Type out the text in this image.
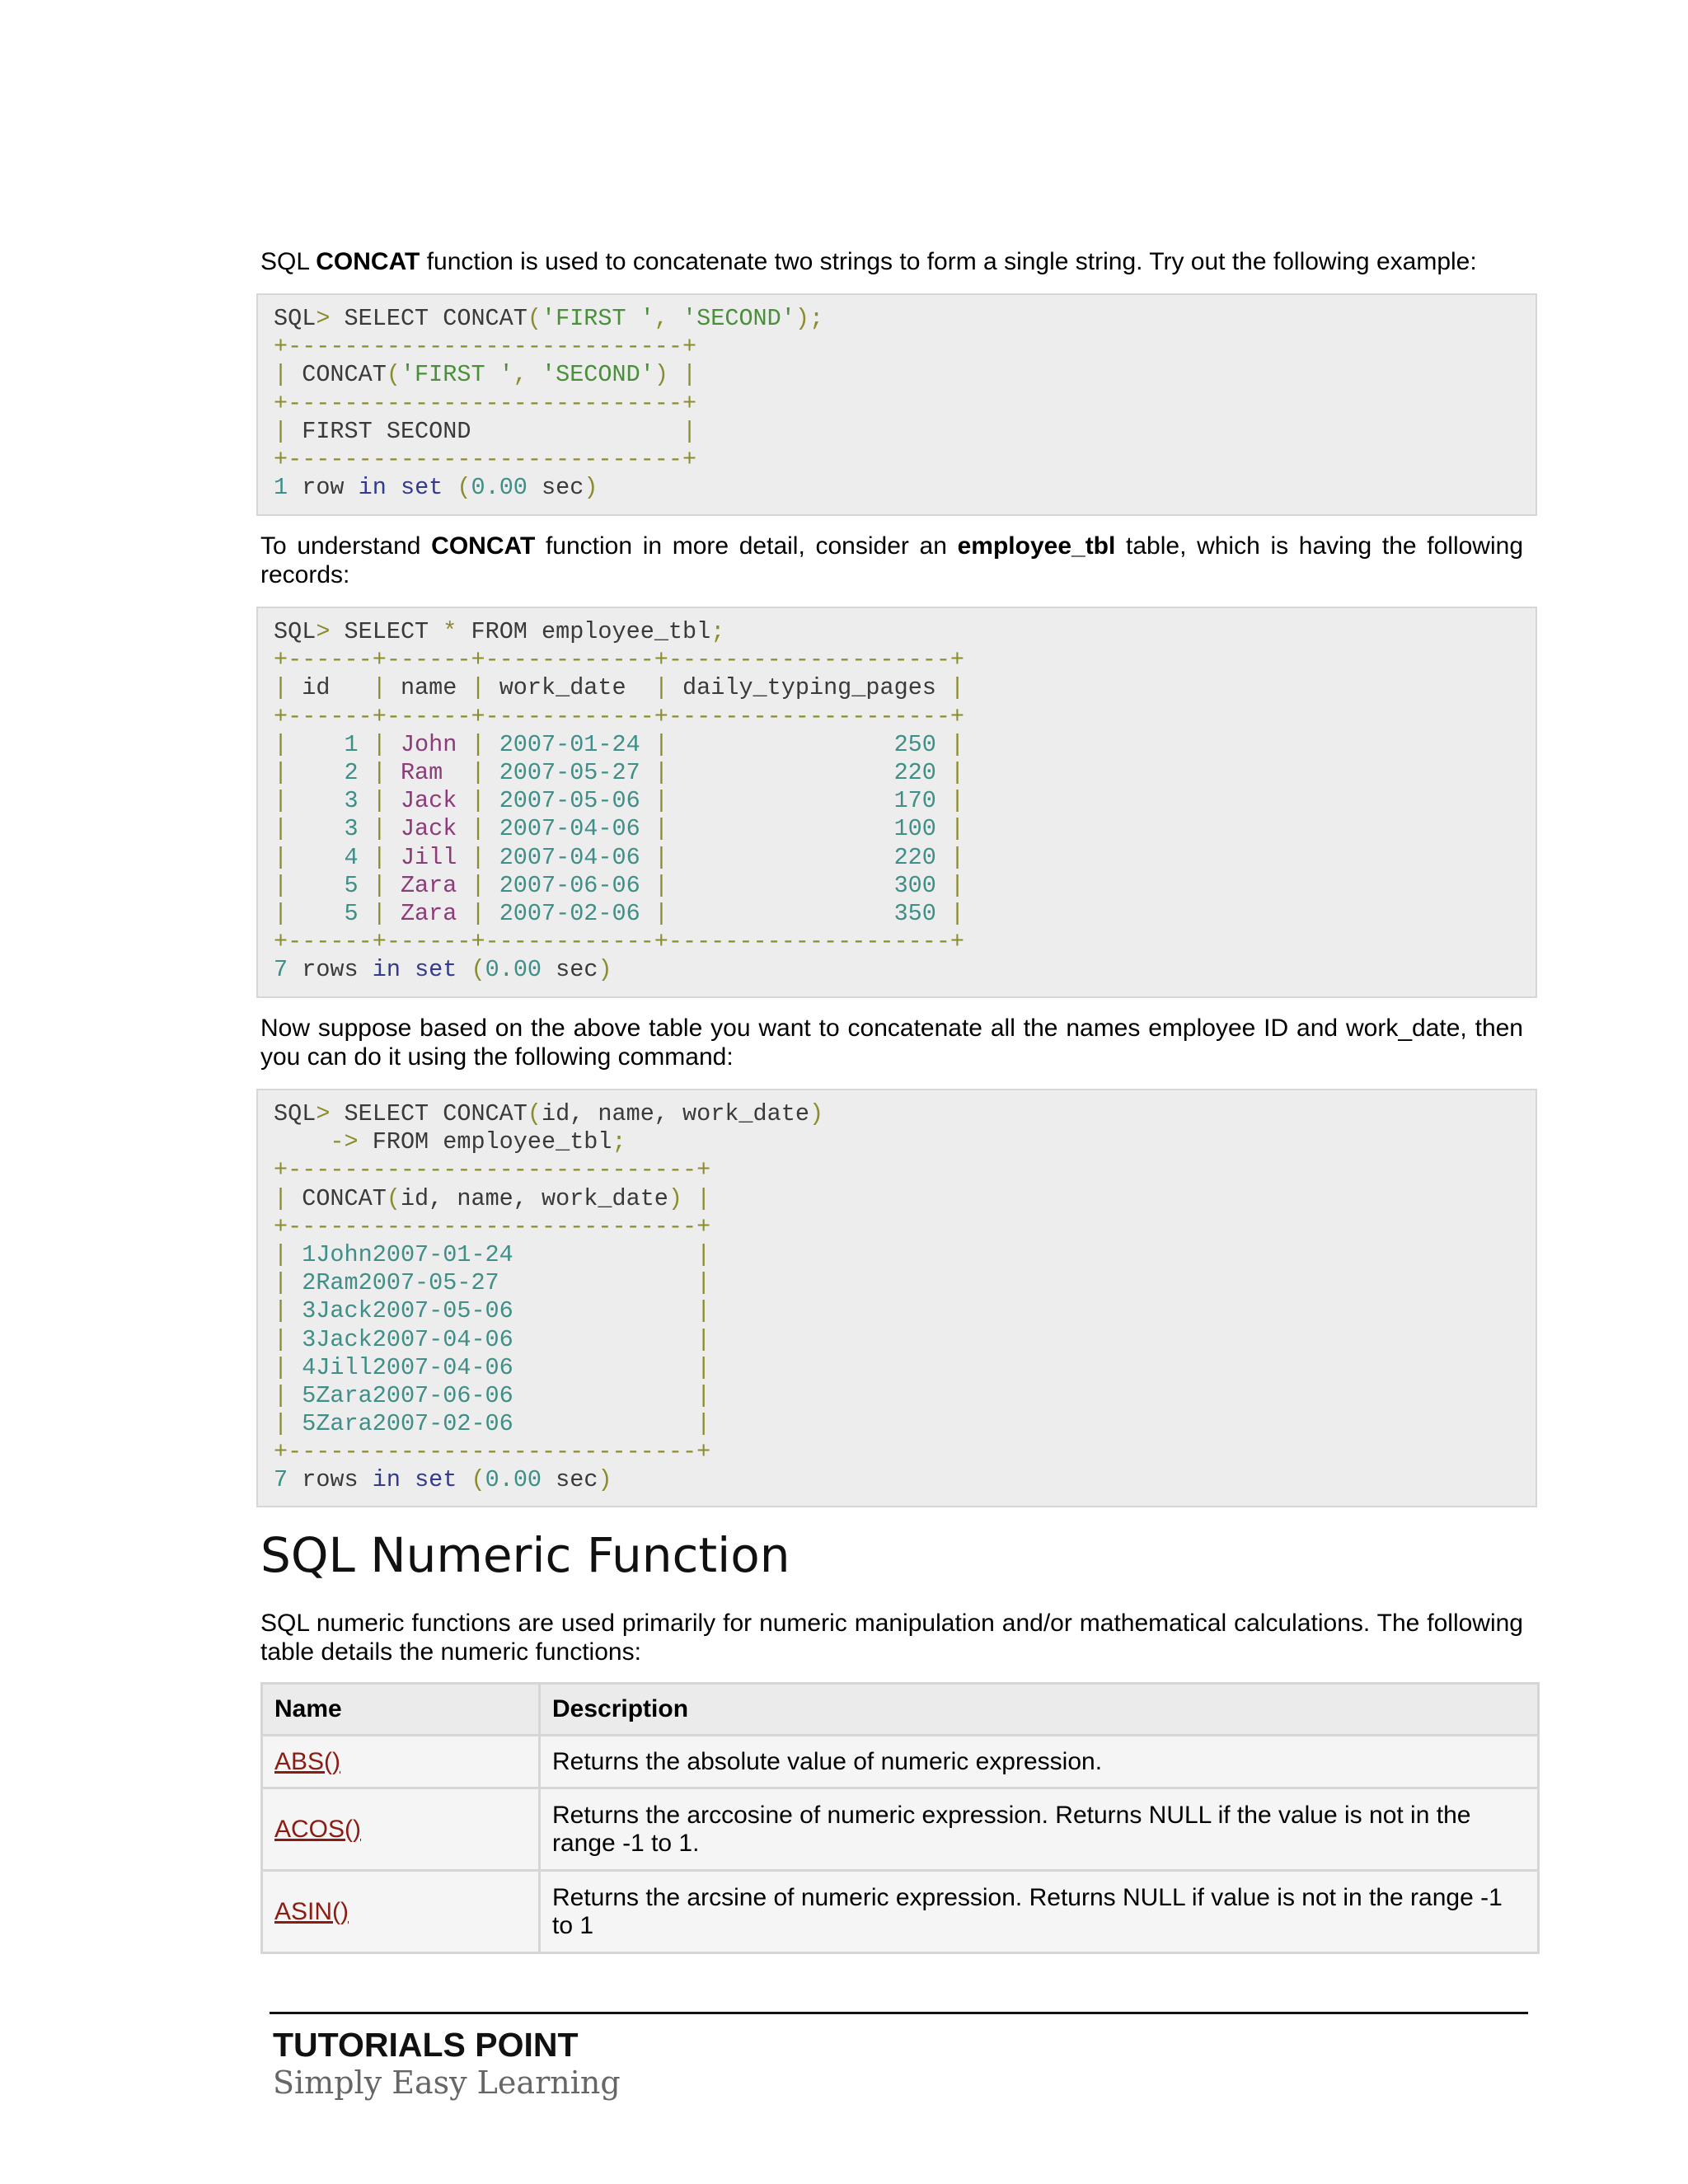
SQL CONCAT function is used to concatenate two strings to form a single string. Try out the following example:
SQL> SELECT CONCAT('FIRST ', 'SECOND');
+----------------------------+
| CONCAT('FIRST ', 'SECOND') |
+----------------------------+
| FIRST SECOND               |
+----------------------------+
1 row in set (0.00 sec)
To understand CONCAT function in more detail, consider an employee_tbl table, which is having the following records:
SQL> SELECT * FROM employee_tbl;
+------+------+------------+--------------------+
| id   | name | work_date  | daily_typing_pages |
+------+------+------------+--------------------+
|    1 | John | 2007-01-24 |	250 |
|    2 | Ram  | 2007-05-27 |	220 |
|    3 | Jack | 2007-05-06 |	170 |
|    3 | Jack | 2007-04-06 |	100 |
|    4 | Jill | 2007-04-06 |	220 |
|    5 | Zara | 2007-06-06 |	300 |
|    5 | Zara | 2007-02-06 |	350 |
+------+------+------------+--------------------+
7 rows in set (0.00 sec)
Now suppose based on the above table you want to concatenate all the names employee ID and work_date, then you can do it using the following command:
SQL> SELECT CONCAT(id, name, work_date)
-> FROM employee_tbl;
+-----------------------------+
| CONCAT(id, name, work_date) |
+-----------------------------+
| 1John2007-01-24             |
| 2Ram2007-05-27              |
| 3Jack2007-05-06             |
| 3Jack2007-04-06             |
| 4Jill2007-04-06             |
| 5Zara2007-06-06             |
| 5Zara2007-02-06             |
+-----------------------------+
7 rows in set (0.00 sec)
SQL Numeric Function
SQL numeric functions are used primarily for numeric manipulation and/or mathematical calculations. The following table details the numeric functions:
Name	Description
ABS()	Returns the absolute value of numeric expression.
ACOS()	Returns the arccosine of numeric expression. Returns NULL if the value is not in the range -1 to 1.
ASIN()	Returns the arcsine of numeric expression. Returns NULL if value is not in the range -1 to 1
TUTORIALS POINT
Simply Easy Learning
